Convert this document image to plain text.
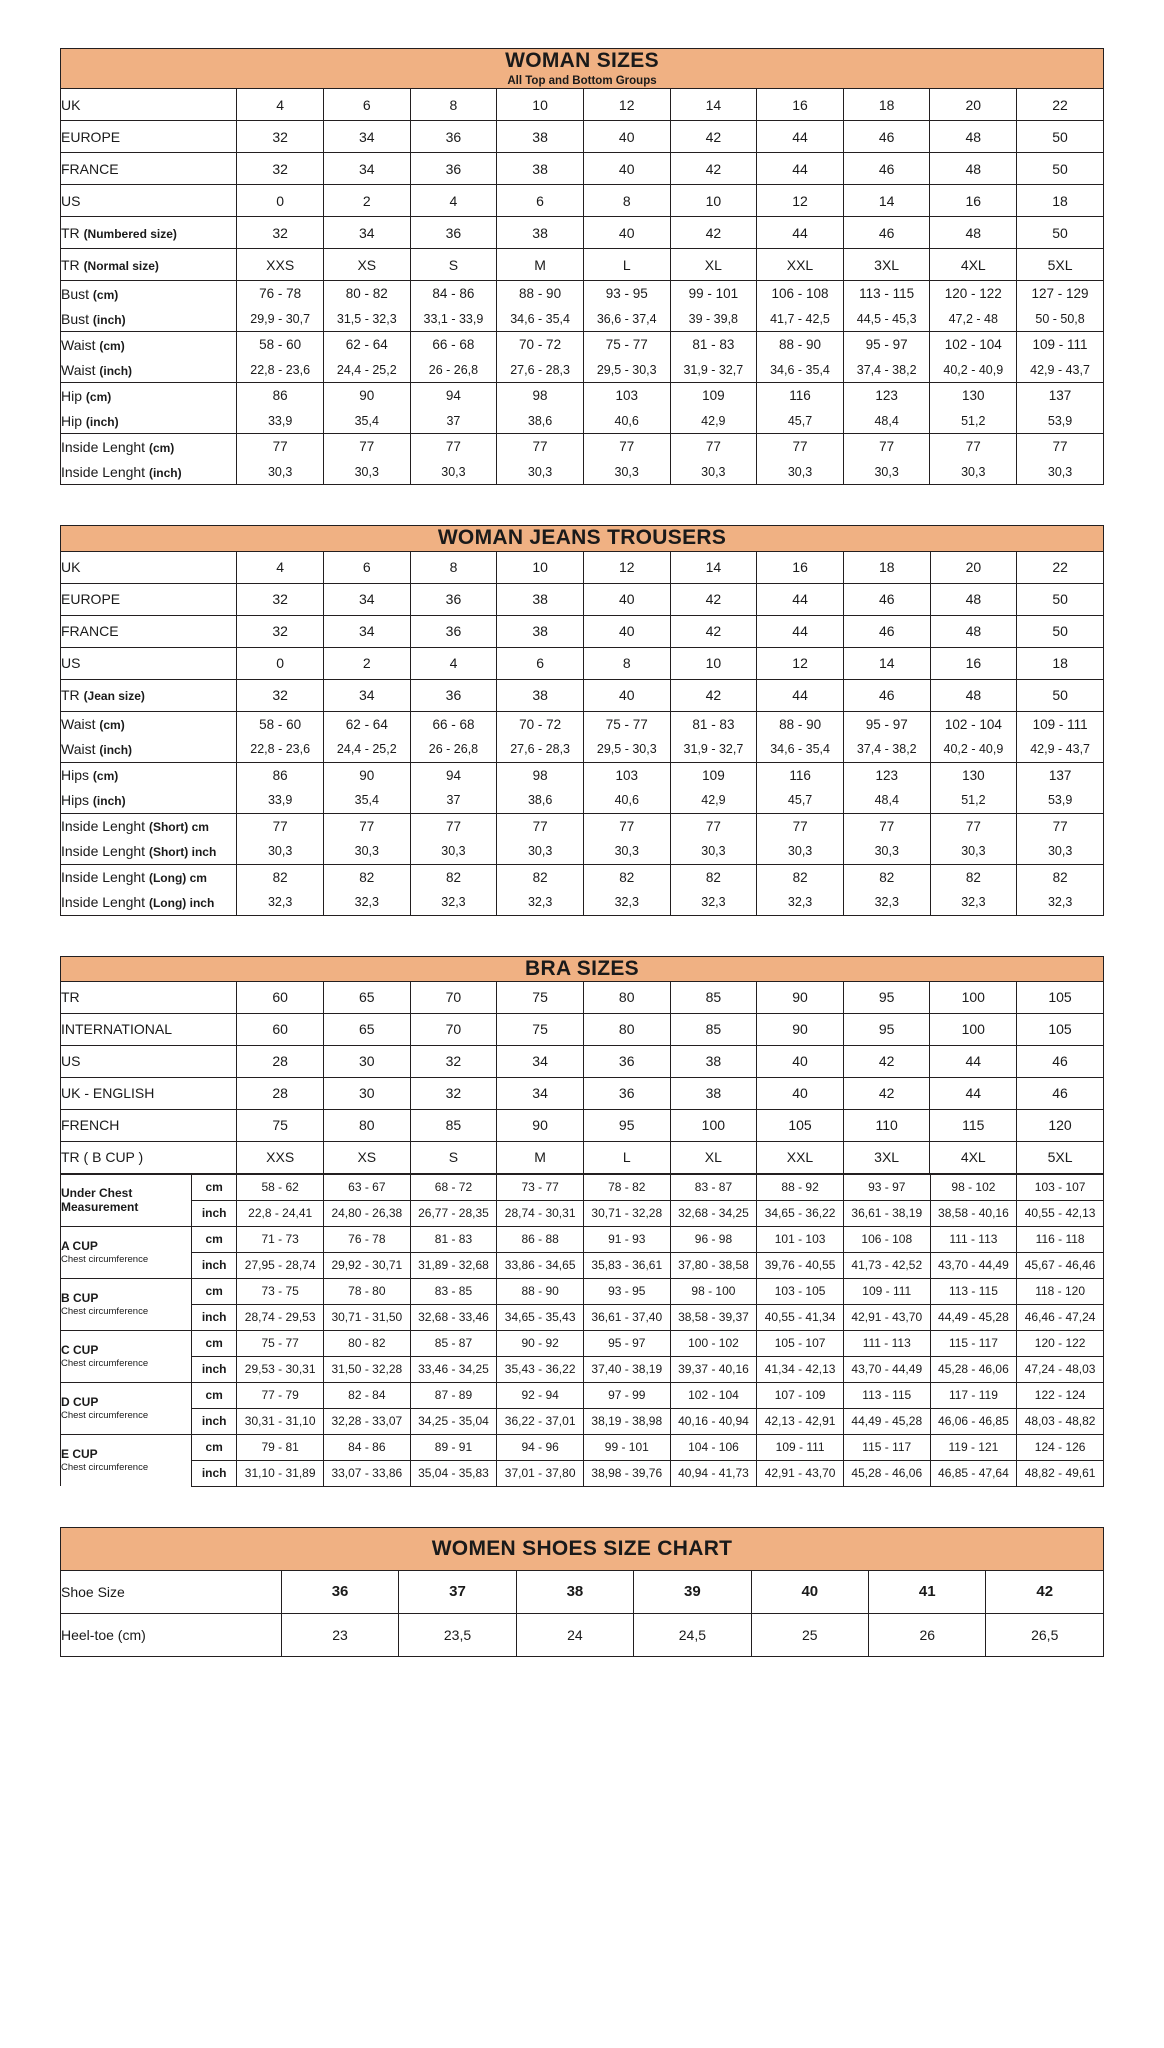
WOMAN SIZES
All Top and Bottom Groups										

UK	4	6	8	10	12	14	16	18	20	22
EUROPE	32	34	36	38	40	42	44	46	48	50
FRANCE	32	34	36	38	40	42	44	46	48	50
US	0	2	4	6	8	10	12	14	16	18
TR (Numbered size)	32	34	36	38	40	42	44	46	48	50
TR (Normal size)	XXS	XS	S	M	L	XL	XXL	3XL	4XL	5XL
Bust (cm)	76 - 78	80 - 82	84 - 86	88 - 90	93 - 95	99 - 101	106 - 108	113 - 115	120 - 122	127 - 129
Bust (inch)	29,9 - 30,7	31,5 - 32,3	33,1 - 33,9	34,6 - 35,4	36,6 - 37,4	39 - 39,8	41,7 - 42,5	44,5 - 45,3	47,2 - 48	50 - 50,8
Waist (cm)	58 - 60	62 - 64	66 - 68	70 - 72	75 - 77	81 - 83	88 - 90	95 - 97	102 - 104	109 - 111
Waist (inch)	22,8 - 23,6	24,4 - 25,2	26 - 26,8	27,6 - 28,3	29,5 - 30,3	31,9 - 32,7	34,6 - 35,4	37,4 - 38,2	40,2 - 40,9	42,9 - 43,7
Hip (cm)	86	90	94	98	103	109	116	123	130	137
Hip (inch)	33,9	35,4	37	38,6	40,6	42,9	45,7	48,4	51,2	53,9
Inside Lenght (cm)	77	77	77	77	77	77	77	77	77	77
Inside Lenght (inch)	30,3	30,3	30,3	30,3	30,3	30,3	30,3	30,3	30,3	30,3
WOMAN JEANS TROUSERS										

UK	4	6	8	10	12	14	16	18	20	22
EUROPE	32	34	36	38	40	42	44	46	48	50
FRANCE	32	34	36	38	40	42	44	46	48	50
US	0	2	4	6	8	10	12	14	16	18
TR (Jean size)	32	34	36	38	40	42	44	46	48	50
Waist (cm)	58 - 60	62 - 64	66 - 68	70 - 72	75 - 77	81 - 83	88 - 90	95 - 97	102 - 104	109 - 111
Waist (inch)	22,8 - 23,6	24,4 - 25,2	26 - 26,8	27,6 - 28,3	29,5 - 30,3	31,9 - 32,7	34,6 - 35,4	37,4 - 38,2	40,2 - 40,9	42,9 - 43,7
Hips (cm)	86	90	94	98	103	109	116	123	130	137
Hips (inch)	33,9	35,4	37	38,6	40,6	42,9	45,7	48,4	51,2	53,9
Inside Lenght (Short) cm	77	77	77	77	77	77	77	77	77	77
Inside Lenght (Short) inch	30,3	30,3	30,3	30,3	30,3	30,3	30,3	30,3	30,3	30,3
Inside Lenght (Long) cm	82	82	82	82	82	82	82	82	82	82
Inside Lenght (Long) inch	32,3	32,3	32,3	32,3	32,3	32,3	32,3	32,3	32,3	32,3
BRA SIZES										

TR	60	65	70	75	80	85	90	95	100	105
INTERNATIONAL	60	65	70	75	80	85	90	95	100	105
US	28	30	32	34	36	38	40	42	44	46
UK - ENGLISH	28	30	32	34	36	38	40	42	44	46
FRENCH	75	80	85	90	95	100	105	110	115	120
TR ( B CUP )	XXS	XS	S	M	L	XL	XXL	3XL	4XL	5XL
Under Chest
Measurement	cm	58 - 62	63 - 67	68 - 72	73 - 77	78 - 82	83 - 87	88 - 92	93 - 97	98 - 102	103 - 107
	inch	22,8 - 24,41	24,80 - 26,38	26,77 - 28,35	28,74 - 30,31	30,71 - 32,28	32,68 - 34,25	34,65 - 36,22	36,61 - 38,19	38,58 - 40,16	40,55 - 42,13
A CUP
Chest circumference	cm	71 - 73	76 - 78	81 - 83	86 - 88	91 - 93	96 - 98	101 - 103	106 - 108	111 - 113	116 - 118
	inch	27,95 - 28,74	29,92 - 30,71	31,89 - 32,68	33,86 - 34,65	35,83 - 36,61	37,80 - 38,58	39,76 - 40,55	41,73 - 42,52	43,70 - 44,49	45,67 - 46,46
B CUP
Chest circumference	cm	73 - 75	78 - 80	83 - 85	88 - 90	93 - 95	98 - 100	103 - 105	109 - 111	113 - 115	118 - 120
	inch	28,74 - 29,53	30,71 - 31,50	32,68 - 33,46	34,65 - 35,43	36,61 - 37,40	38,58 - 39,37	40,55 - 41,34	42,91 - 43,70	44,49 - 45,28	46,46 - 47,24
C CUP
Chest circumference	cm	75 - 77	80 - 82	85 - 87	90 - 92	95 - 97	100 - 102	105 - 107	111 - 113	115 - 117	120 - 122
	inch	29,53 - 30,31	31,50 - 32,28	33,46 - 34,25	35,43 - 36,22	37,40 - 38,19	39,37 - 40,16	41,34 - 42,13	43,70 - 44,49	45,28 - 46,06	47,24 - 48,03
D CUP
Chest circumference	cm	77 - 79	82 - 84	87 - 89	92 - 94	97 - 99	102 - 104	107 - 109	113 - 115	117 - 119	122 - 124
	inch	30,31 - 31,10	32,28 - 33,07	34,25 - 35,04	36,22 - 37,01	38,19 - 38,98	40,16 - 40,94	42,13 - 42,91	44,49 - 45,28	46,06 - 46,85	48,03 - 48,82
E CUP
Chest circumference	cm	79 - 81	84 - 86	89 - 91	94 - 96	99 - 101	104 - 106	109 - 111	115 - 117	119 - 121	124 - 126
	inch	31,10 - 31,89	33,07 - 33,86	35,04 - 35,83	37,01 - 37,80	38,98 - 39,76	40,94 - 41,73	42,91 - 43,70	45,28 - 46,06	46,85 - 47,64	48,82 - 49,61
WOMEN SHOES SIZE CHART							

Shoe Size	36	37	38	39	40	41	42
Heel-toe (cm)	23	23,5	24	24,5	25	26	26,5
